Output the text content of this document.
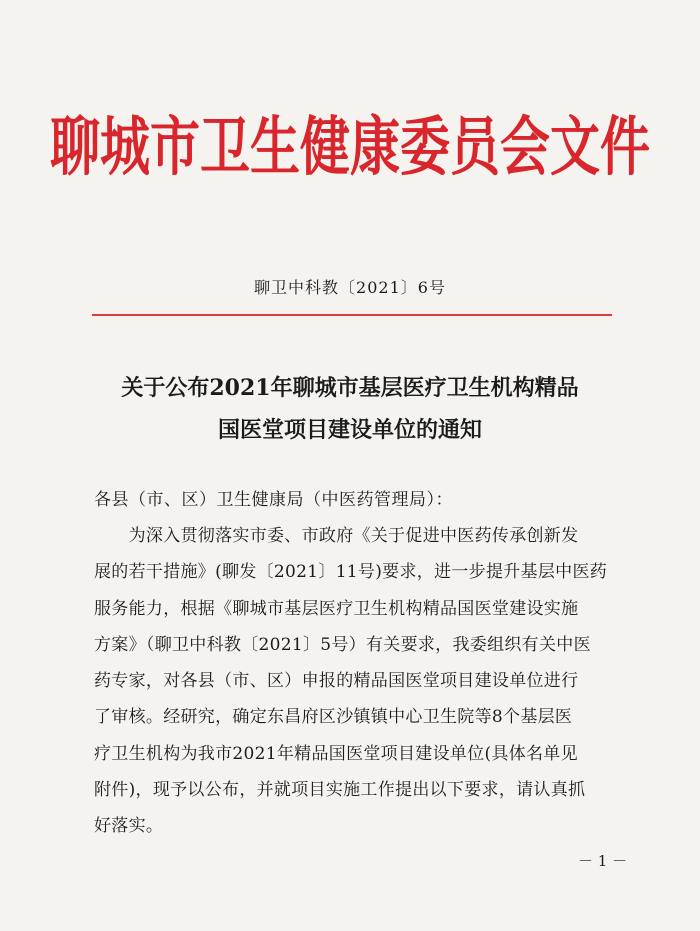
聊城市卫生健康委员会文件
聊卫中科教〔2021〕6号
关于公布2021年聊城市基层医疗卫生机构精品
国医堂项目建设单位的通知
各县（市、区）卫生健康局（中医药管理局）：
　　为深入贯彻落实市委、市政府《关于促进中医药传承创新发
展的若干措施》(聊发〔2021〕11号)要求，进一步提升基层中医药
服务能力，根据《聊城市基层医疗卫生机构精品国医堂建设实施
方案》（聊卫中科教〔2021〕5号）有关要求，我委组织有关中医
药专家，对各县（市、区）申报的精品国医堂项目建设单位进行
了审核。经研究，确定东昌府区沙镇镇中心卫生院等8个基层医
疗卫生机构为我市2021年精品国医堂项目建设单位(具体名单见
附件)，现予以公布，并就项目实施工作提出以下要求，请认真抓
好落实。
－ 1 －
